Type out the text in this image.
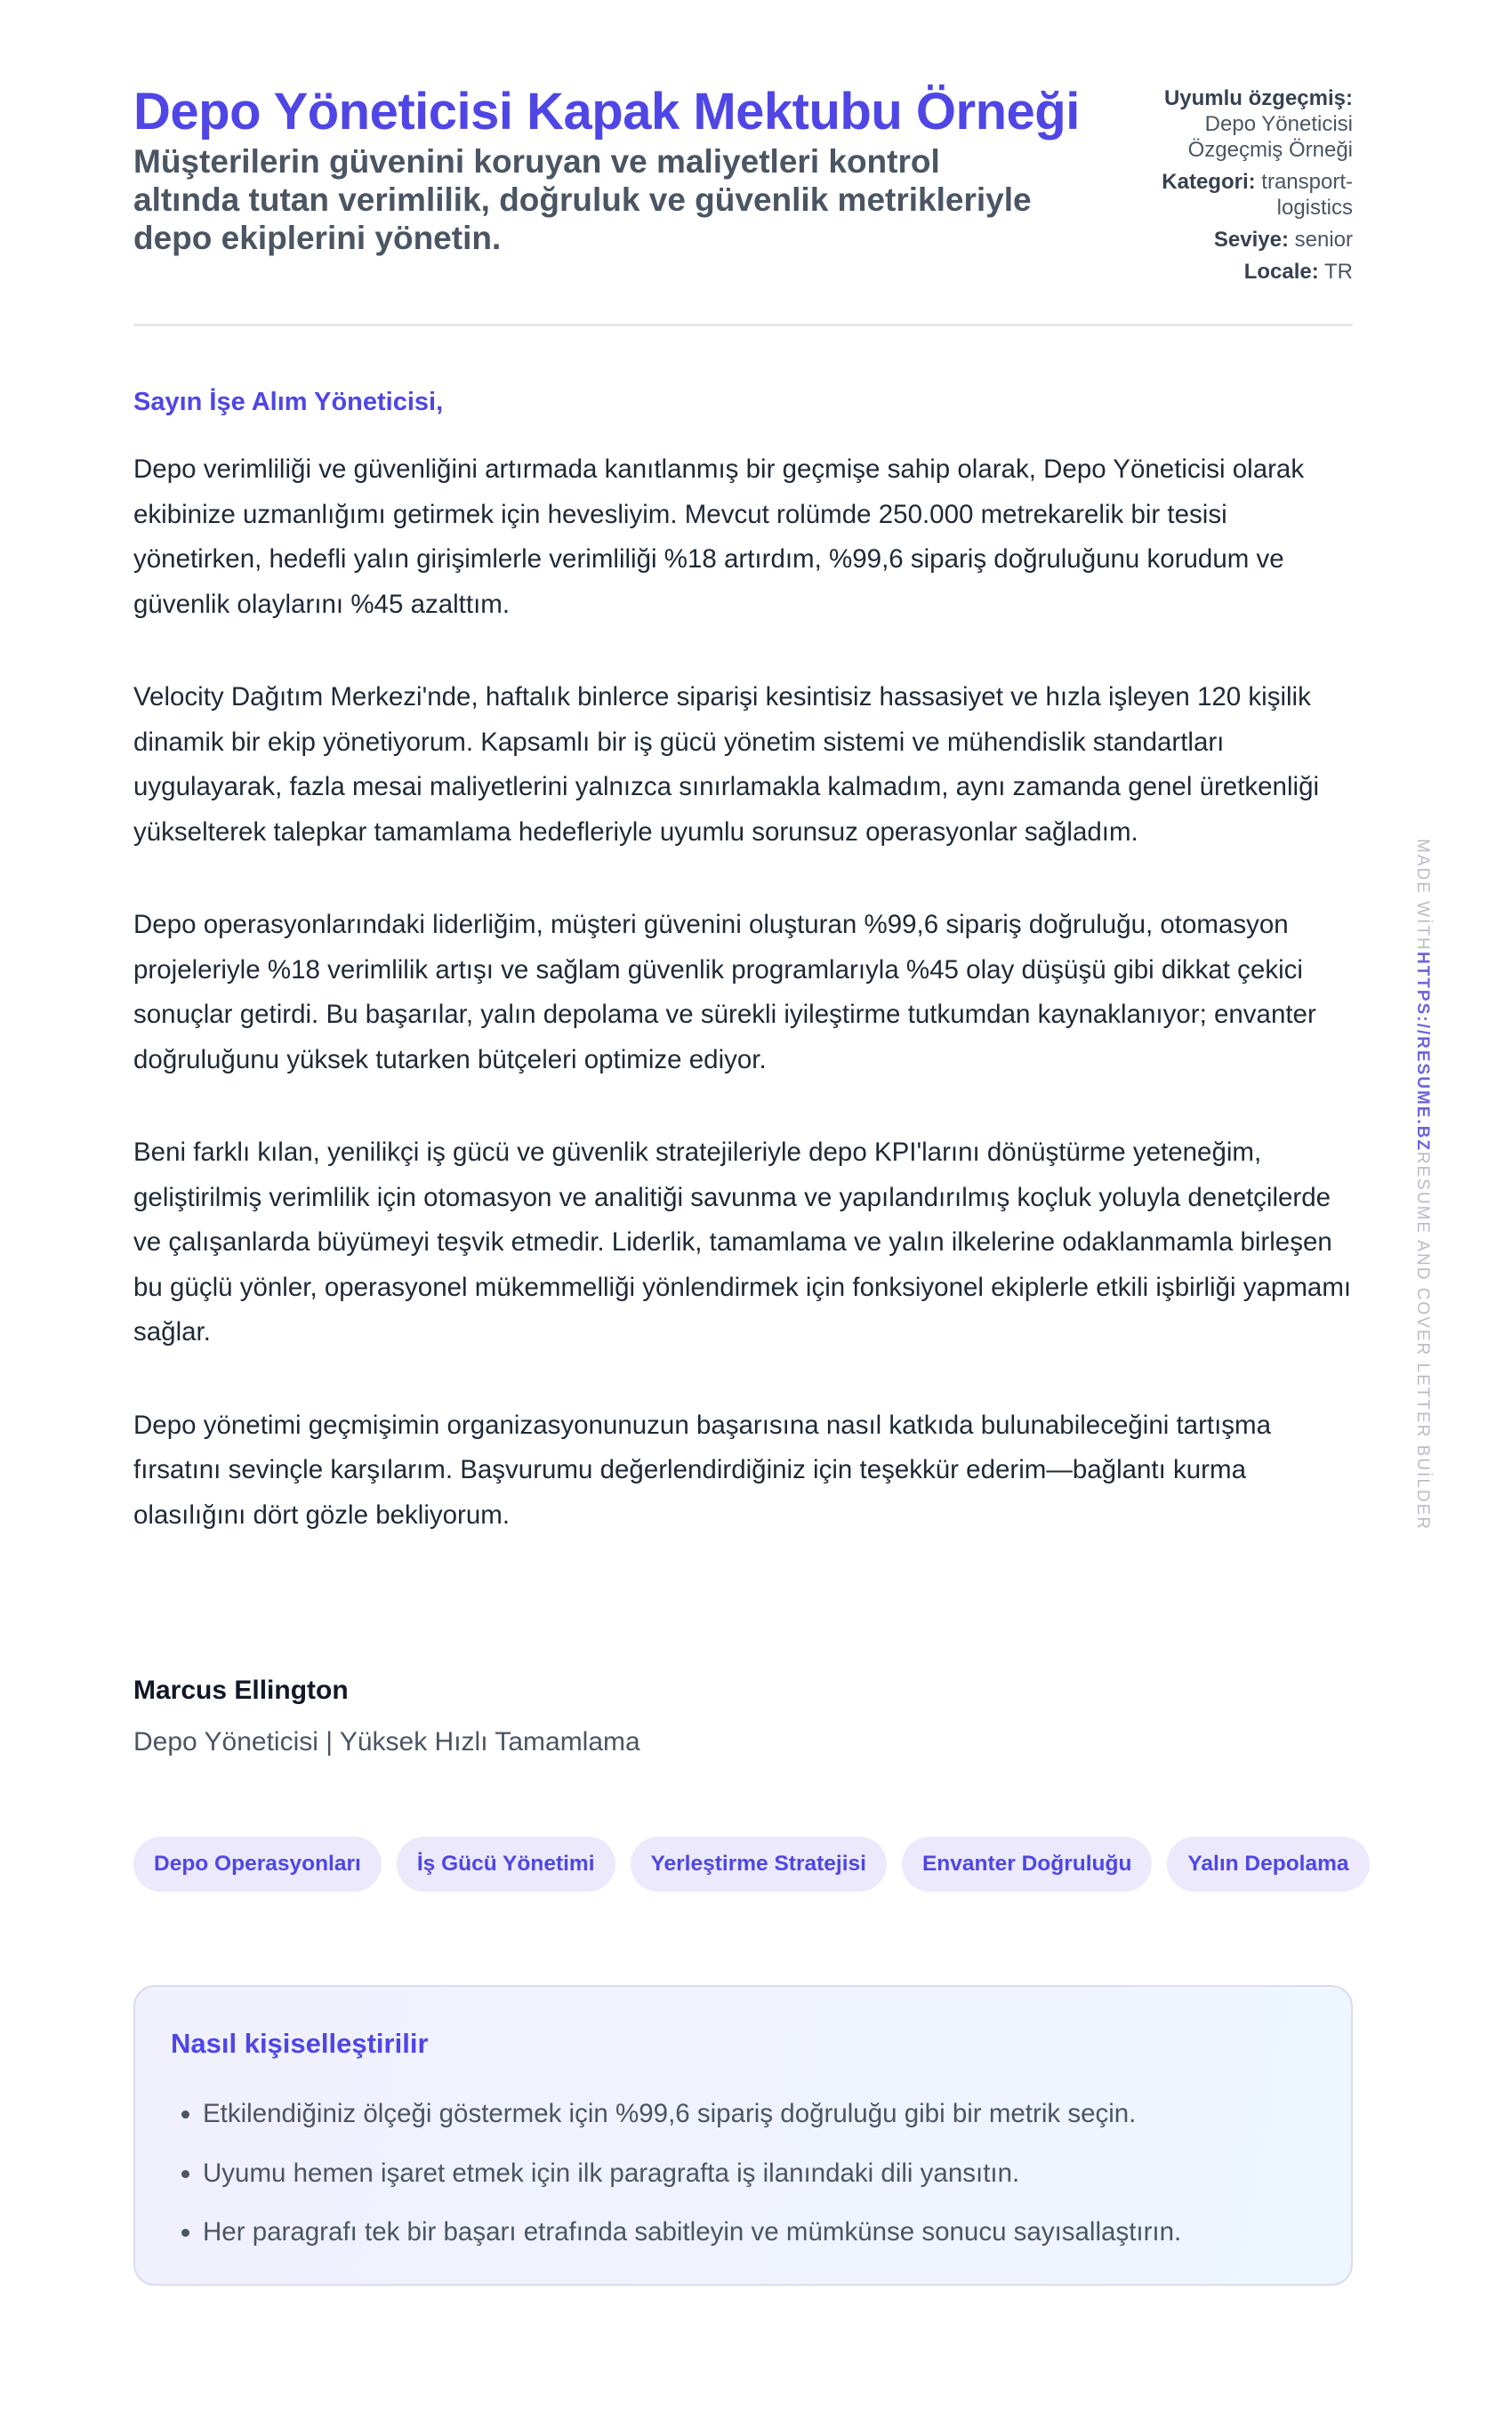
Depo Yöneticisi Kapak Mektubu Örneği

Müşterilerin güvenini koruyan ve maliyetleri kontrol altında tutan verimlilik, doğruluk ve güvenlik metrikleriyle depo ekiplerini yönetin.

Uyumlu özgeçmiş:
Depo Yöneticisi Özgeçmiş Örneği
Kategori: transport-logistics
Seviye: senior
Locale: TR

Sayın İşe Alım Yöneticisi,

Depo verimliliği ve güvenliğini artırmada kanıtlanmış bir geçmişe sahip olarak, Depo Yöneticisi olarak ekibinize uzmanlığımı getirmek için hevesliyim. Mevcut rolümde 250.000 metrekarelik bir tesisi yönetirken, hedefli yalın girişimlerle verimliliği %18 artırdım, %99,6 sipariş doğruluğunu korudum ve güvenlik olaylarını %45 azalttım.

Velocity Dağıtım Merkezi'nde, haftalık binlerce siparişi kesintisiz hassasiyet ve hızla işleyen 120 kişilik dinamik bir ekip yönetiyorum. Kapsamlı bir iş gücü yönetim sistemi ve mühendislik standartları uygulayarak, fazla mesai maliyetlerini yalnızca sınırlamakla kalmadım, aynı zamanda genel üretkenliği yükselterek talepkar tamamlama hedefleriyle uyumlu sorunsuz operasyonlar sağladım.

Depo operasyonlarındaki liderliğim, müşteri güvenini oluşturan %99,6 sipariş doğruluğu, otomasyon projeleriyle %18 verimlilik artışı ve sağlam güvenlik programlarıyla %45 olay düşüşü gibi dikkat çekici sonuçlar getirdi. Bu başarılar, yalın depolama ve sürekli iyileştirme tutkumdan kaynaklanıyor; envanter doğruluğunu yüksek tutarken bütçeleri optimize ediyor.

Beni farklı kılan, yenilikçi iş gücü ve güvenlik stratejileriyle depo KPI'larını dönüştürme yeteneğim, geliştirilmiş verimlilik için otomasyon ve analitiği savunma ve yapılandırılmış koçluk yoluyla denetçilerde ve çalışanlarda büyümeyi teşvik etmedir. Liderlik, tamamlama ve yalın ilkelerine odaklanmamla birleşen bu güçlü yönler, operasyonel mükemmelliği yönlendirmek için fonksiyonel ekiplerle etkili işbirliği yapmamı sağlar.

Depo yönetimi geçmişimin organizasyonunuzun başarısına nasıl katkıda bulunabileceğini tartışma fırsatını sevinçle karşılarım. Başvurumu değerlendirdiğiniz için teşekkür ederim—bağlantı kurma olasılığını dört gözle bekliyorum.

Marcus Ellington
Depo Yöneticisi | Yüksek Hızlı Tamamlama
Depo Operasyonları	İş Gücü Yönetimi	Yerleştirme Stratejisi	Envanter Doğruluğu	Yalın Depolama
Nasıl kişiselleştirilir
• Etkilendiğiniz ölçeği göstermek için %99,6 sipariş doğruluğu gibi bir metrik seçin.
• Uyumu hemen işaret etmek için ilk paragrafta iş ilanındaki dili yansıtın.
• Her paragrafı tek bir başarı etrafında sabitleyin ve mümkünse sonucu sayısallaştırın.
MADE WİTHHTTPS://RESUME.BZRESUME AND COVER LETTER BUİLDER
